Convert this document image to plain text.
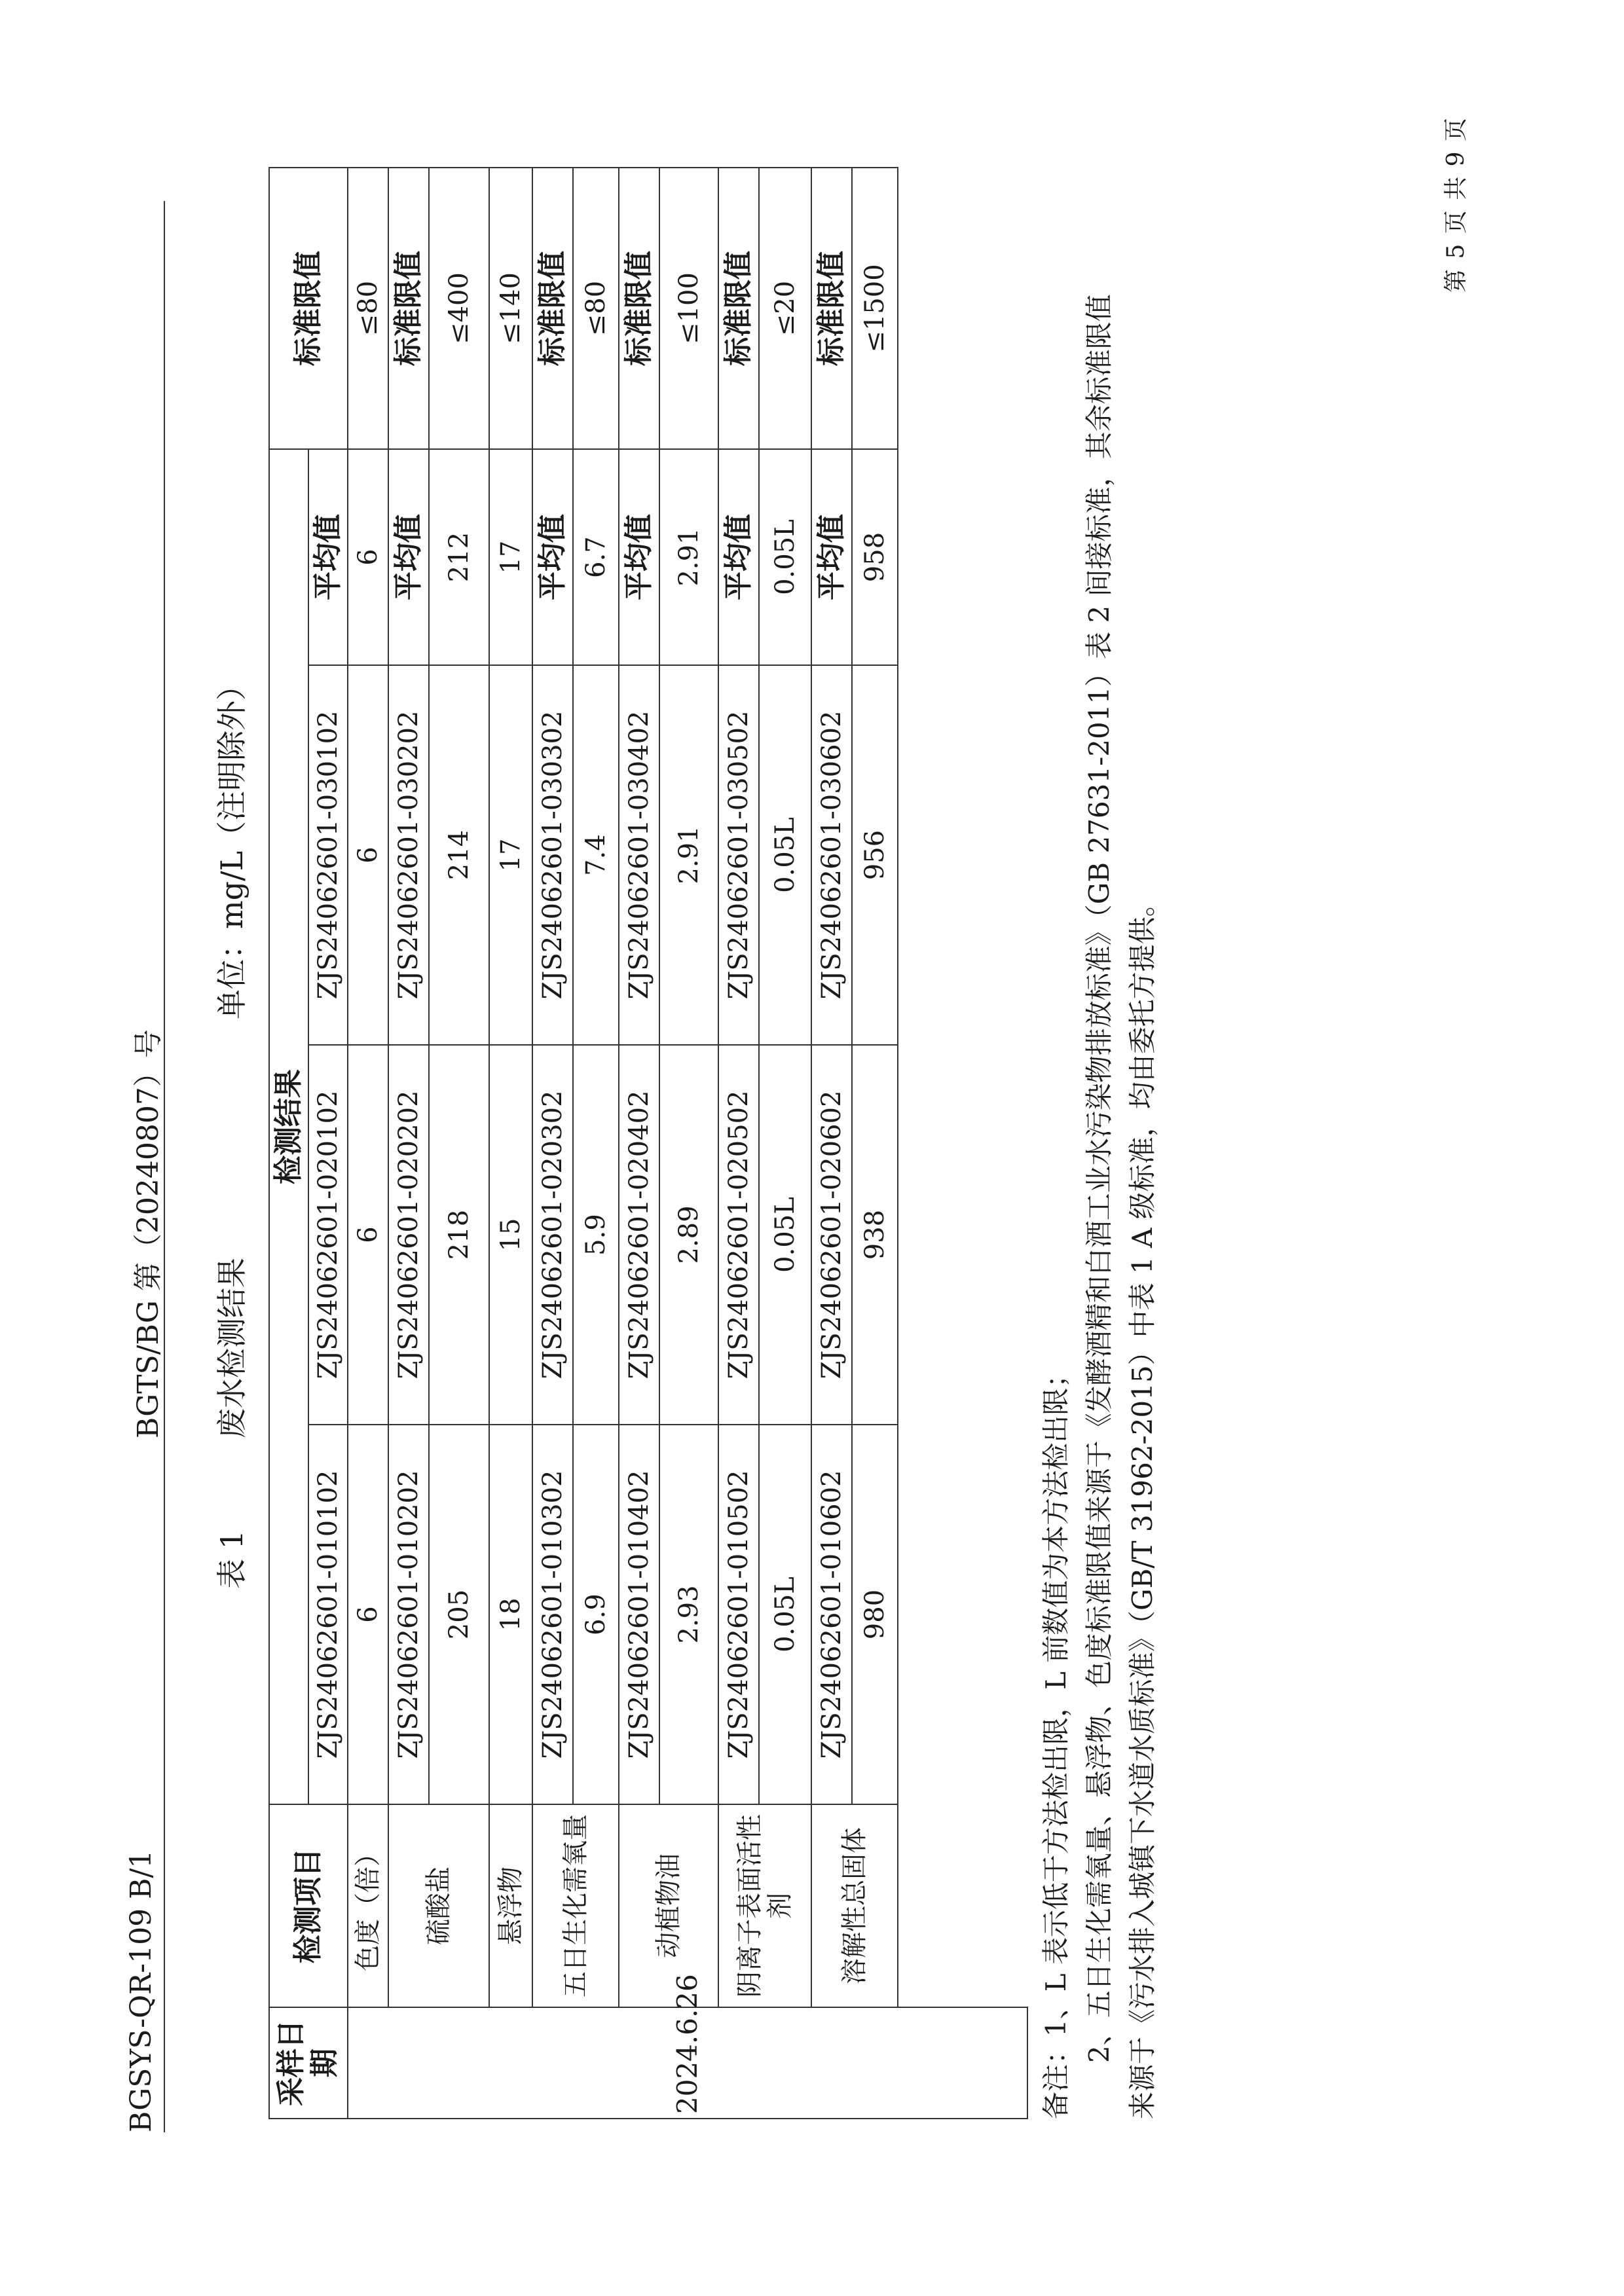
BGSYS-QR-109 B/1
BGTS/BG 第（20240807）号
表 1
废水检测结果
单位：mg/L（注明除外）
采样日期	检测项目	检测结果				标准限值
		ZJS24062601-010102	ZJS24062601-020102	ZJS24062601-030102	平均值	
2024.6.26	色度（倍）	6	6	6	6	≤80
	硫酸盐	ZJS24062601-010202	ZJS24062601-020202	ZJS24062601-030202	平均值	标准限值
		205	218	214	212	≤400
	悬浮物	18	15	17	17	≤140
	五日生化需氧量	ZJS24062601-010302	ZJS24062601-020302	ZJS24062601-030302	平均值	标准限值
		6.9	5.9	7.4	6.7	≤80
	动植物油	ZJS24062601-010402	ZJS24062601-020402	ZJS24062601-030402	平均值	标准限值
		2.93	2.89	2.91	2.91	≤100
	阴离子表面活性剂	ZJS24062601-010502	ZJS24062601-020502	ZJS24062601-030502	平均值	标准限值
		0.05L	0.05L	0.05L	0.05L	≤20
	溶解性总固体	ZJS24062601-010602	ZJS24062601-020602	ZJS24062601-030602	平均值	标准限值
		980	938	956	958	≤1500

备注：1、L 表示低于方法检出限，L 前数值为本方法检出限； 2、五日生化需氧量、悬浮物、色度标准限值来源于《发酵酒精和白酒工业水污染物排放标准》（GB 27631-2011）表 2 间接标准，其余标准限值 来源于《污水排入城镇下水道水质标准》（GB/T 31962-2015）中表 1 A 级标准，均由委托方提供。
第 5 页 共 9 页
